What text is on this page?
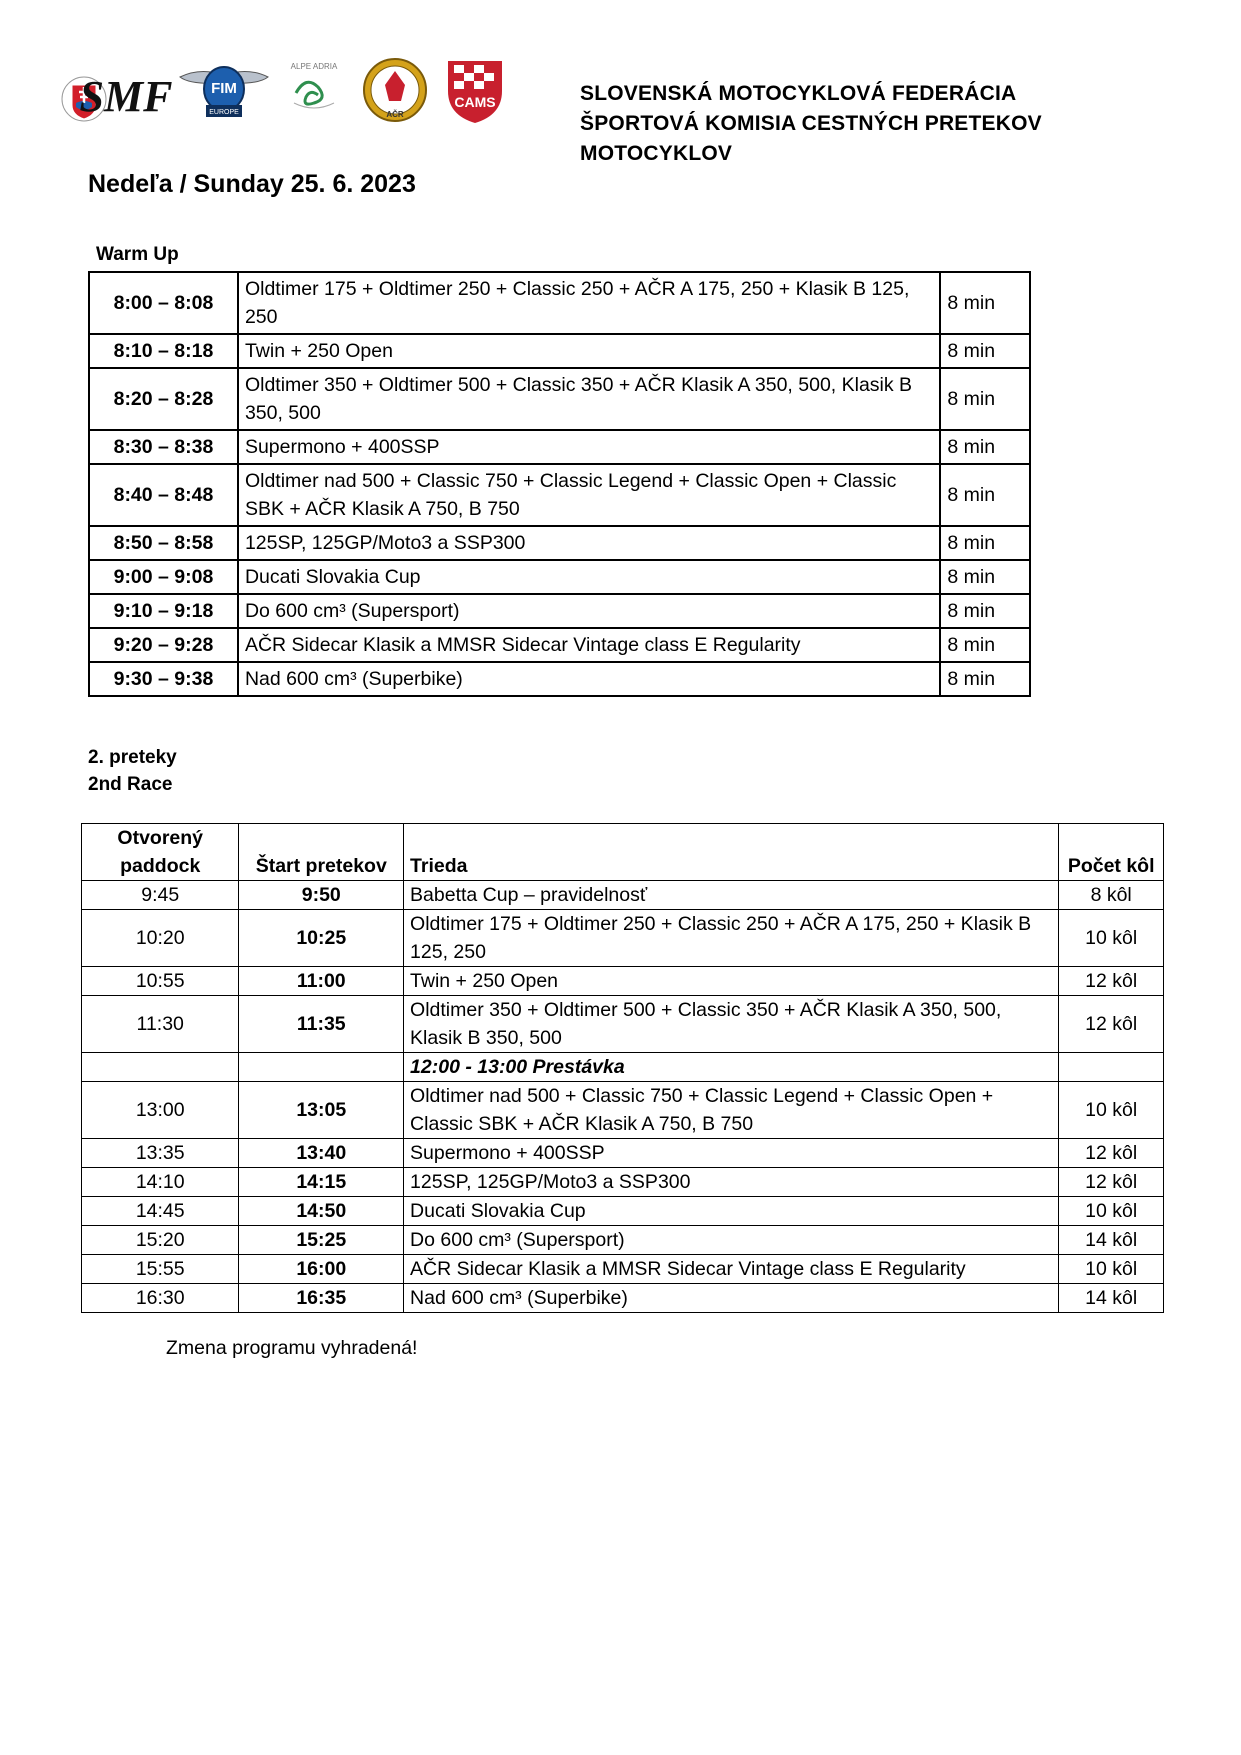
SMF	FIM
EUROPE
ALPE ADRIA
AČR
CAMS	SLOVENSKÁ MOTOCYKLOVÁ FEDERÁCIA
ŠPORTOVÁ KOMISIA CESTNÝCH PRETEKOV MOTOCYKLOV
Nedeľa / Sunday 25. 6. 2023
Warm Up
8:00 – 8:08	Oldtimer 175 + Oldtimer 250 + Classic 250 + AČR A 175, 250 + Klasik B 125, 250	8 min
8:10 – 8:18	Twin + 250 Open	8 min
8:20 – 8:28	Oldtimer 350 + Oldtimer 500 + Classic 350 + AČR Klasik A 350, 500, Klasik B 350, 500	8 min
8:30 – 8:38	Supermono + 400SSP	8 min
8:40 – 8:48	Oldtimer nad 500 + Classic 750 + Classic Legend + Classic Open + Classic SBK + AČR Klasik A 750, B 750	8 min
8:50 – 8:58	125SP, 125GP/Moto3 a SSP300	8 min
9:00 – 9:08	Ducati Slovakia Cup	8 min
9:10 – 9:18	Do 600 cm³ (Supersport)	8 min
9:20 – 9:28	AČR Sidecar Klasik a MMSR Sidecar Vintage class E Regularity	8 min
9:30 – 9:38	Nad 600 cm³ (Superbike)	8 min
2. preteky
2nd Race
Otvorený paddock	Štart pretekov	Trieda	Počet kôl
9:45	9:50	Babetta Cup – pravidelnosť	8 kôl
10:20	10:25	Oldtimer 175 + Oldtimer 250 + Classic 250 + AČR A 175, 250 + Klasik B 125, 250	10 kôl
10:55	11:00	Twin + 250 Open	12 kôl
11:30	11:35	Oldtimer 350 + Oldtimer 500 + Classic 350 + AČR Klasik A 350, 500, Klasik B 350, 500	12 kôl
		12:00 - 13:00 Prestávka	
13:00	13:05	Oldtimer nad 500 + Classic 750 + Classic Legend + Classic Open + Classic SBK + AČR Klasik A 750, B 750	10 kôl
13:35	13:40	Supermono + 400SSP	12 kôl
14:10	14:15	125SP, 125GP/Moto3 a SSP300	12 kôl
14:45	14:50	Ducati Slovakia Cup	10 kôl
15:20	15:25	Do 600 cm³ (Supersport)	14 kôl
15:55	16:00	AČR Sidecar Klasik a MMSR Sidecar Vintage class E Regularity	10 kôl
16:30	16:35	Nad 600 cm³ (Superbike)	14 kôl
Zmena programu vyhradená!
